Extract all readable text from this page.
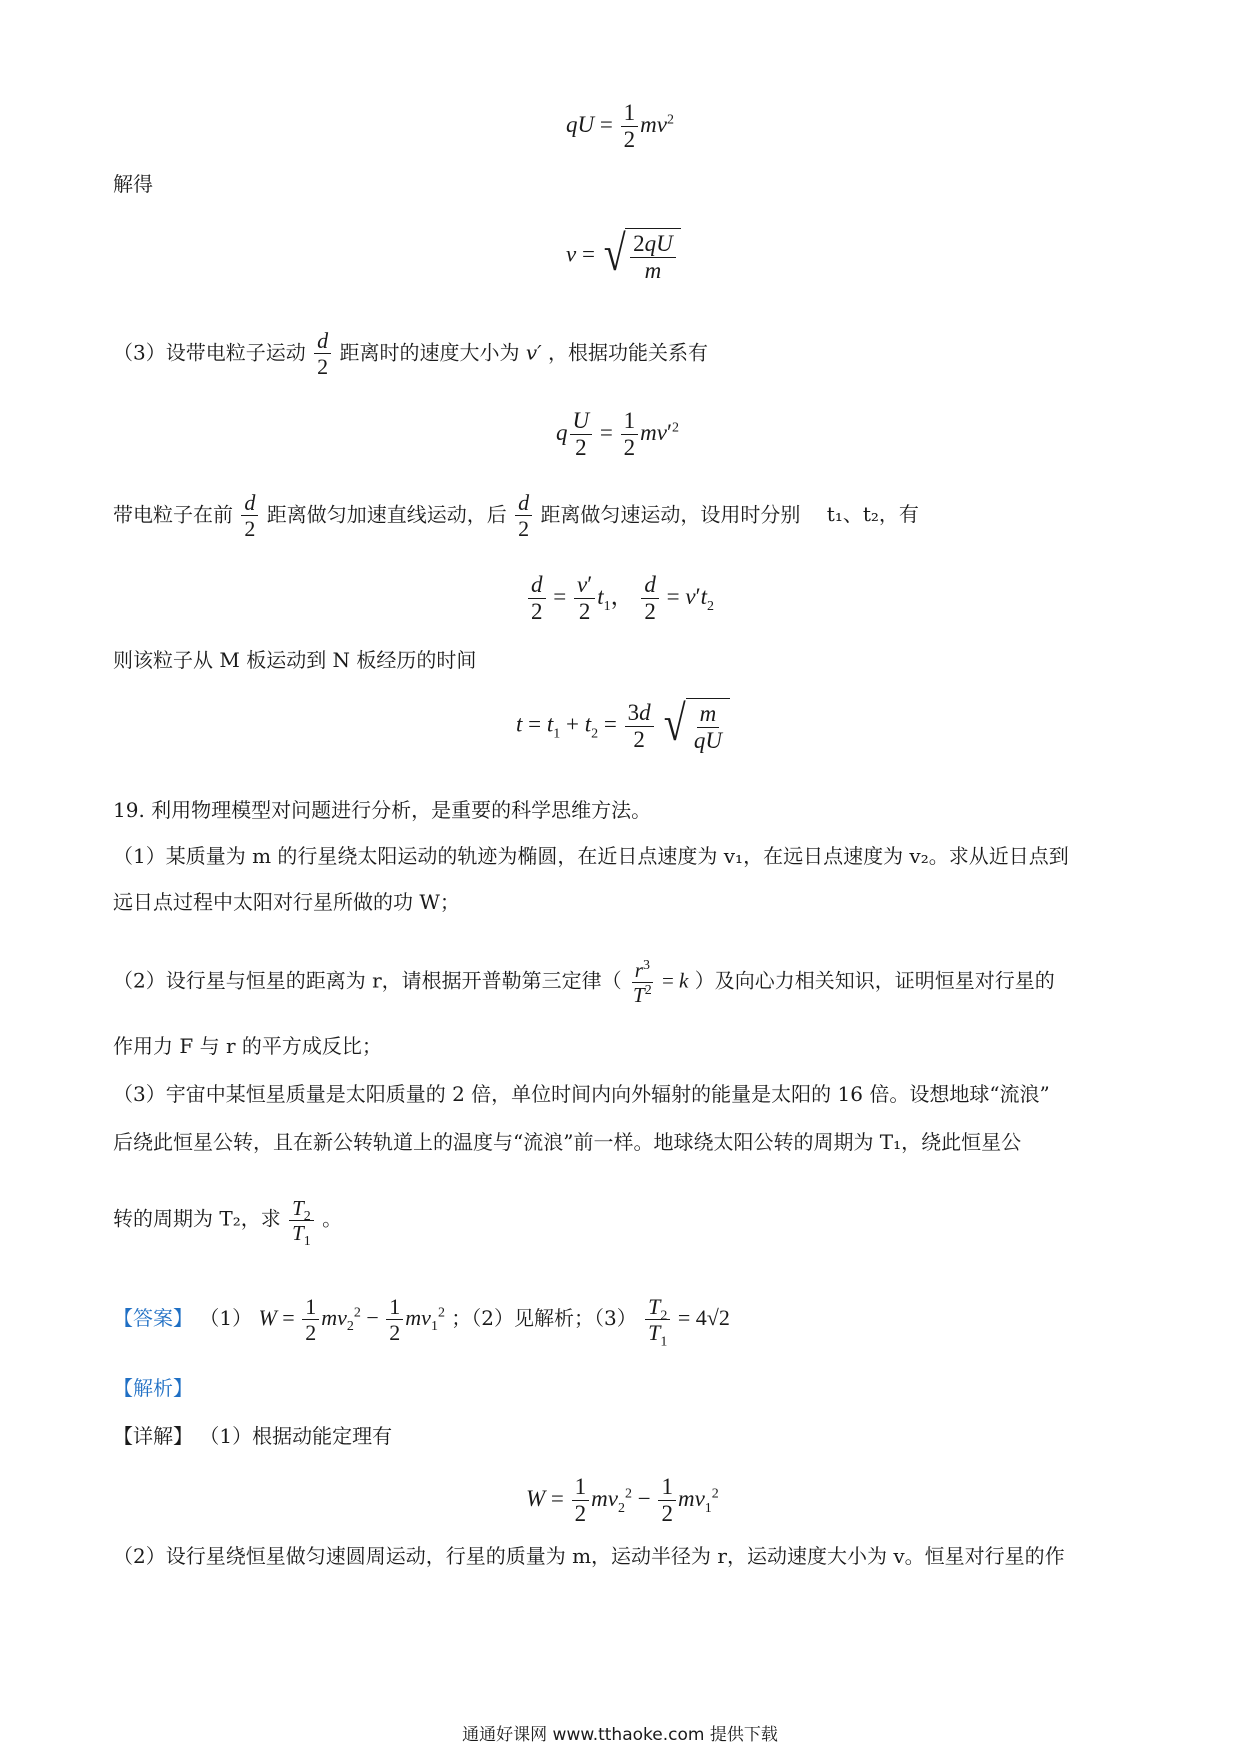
qU = $\frac{1}{2} mv^2$
解得
v = √ $\frac{2qU}{m}$
（3）设带电粒子运动 $\frac{d}{2}$ 距离时的速度大小为 v′ ，根据功能关系有
q $\frac{U}{2} = \frac{1}{2} mv'^2$
带电粒子在前 $\frac{d}{2}$ 距离做匀加速直线运动，后 $\frac{d}{2}$ 距离做匀速运动，设用时分别 t₁、t₂，有
$\frac{d}{2} = \frac{v'}{2} t_1$， $\frac{d}{2} = v't_2$
则该粒子从 M 板运动到 N 板经历的时间
$t = t_1 + t_2 = \frac{3d}{2}$
√ $\frac{m}{qU}$
19. 利用物理模型对问题进行分析，是重要的科学思维方法。
（1）某质量为 m 的行星绕太阳运动的轨迹为椭圆，在近日点速度为 v₁，在远日点速度为 v₂。求从近日点到
远日点过程中太阳对行星所做的功 W；
（2）设行星与恒星的距离为 r，请根据开普勒第三定律（ $\frac{r^3}{T^2} = k$ ）及向心力相关知识，证明恒星对行星的
作用力 F 与 r 的平方成反比；
（3）宇宙中某恒星质量是太阳质量的 2 倍，单位时间内向外辐射的能量是太阳的 16 倍。设想地球“流浪”
后绕此恒星公转，且在新公转轨道上的温度与“流浪”前一样。地球绕太阳公转的周期为 T₁，绕此恒星公
转的周期为 T₂，求 $\frac{T_2}{T_1}$ 。
【答案】 （1） $W = \frac{1}{2} mv_2^2 - \frac{1}{2} mv_1^2$ ；（2）见解析；$(3) \frac{T_2}{T_1} = 4√2$
【解析】
【详解】 （1）根据动能定理有
$W = \frac{1}{2} mv_2^2 - \frac{1}{2} mv_1^2$
（2）设行星绕恒星做匀速圆周运动，行星的质量为 m，运动半径为 r，运动速度大小为 v。恒星对行星的作
通通好课网 www.tthaoke.com 提供下载
